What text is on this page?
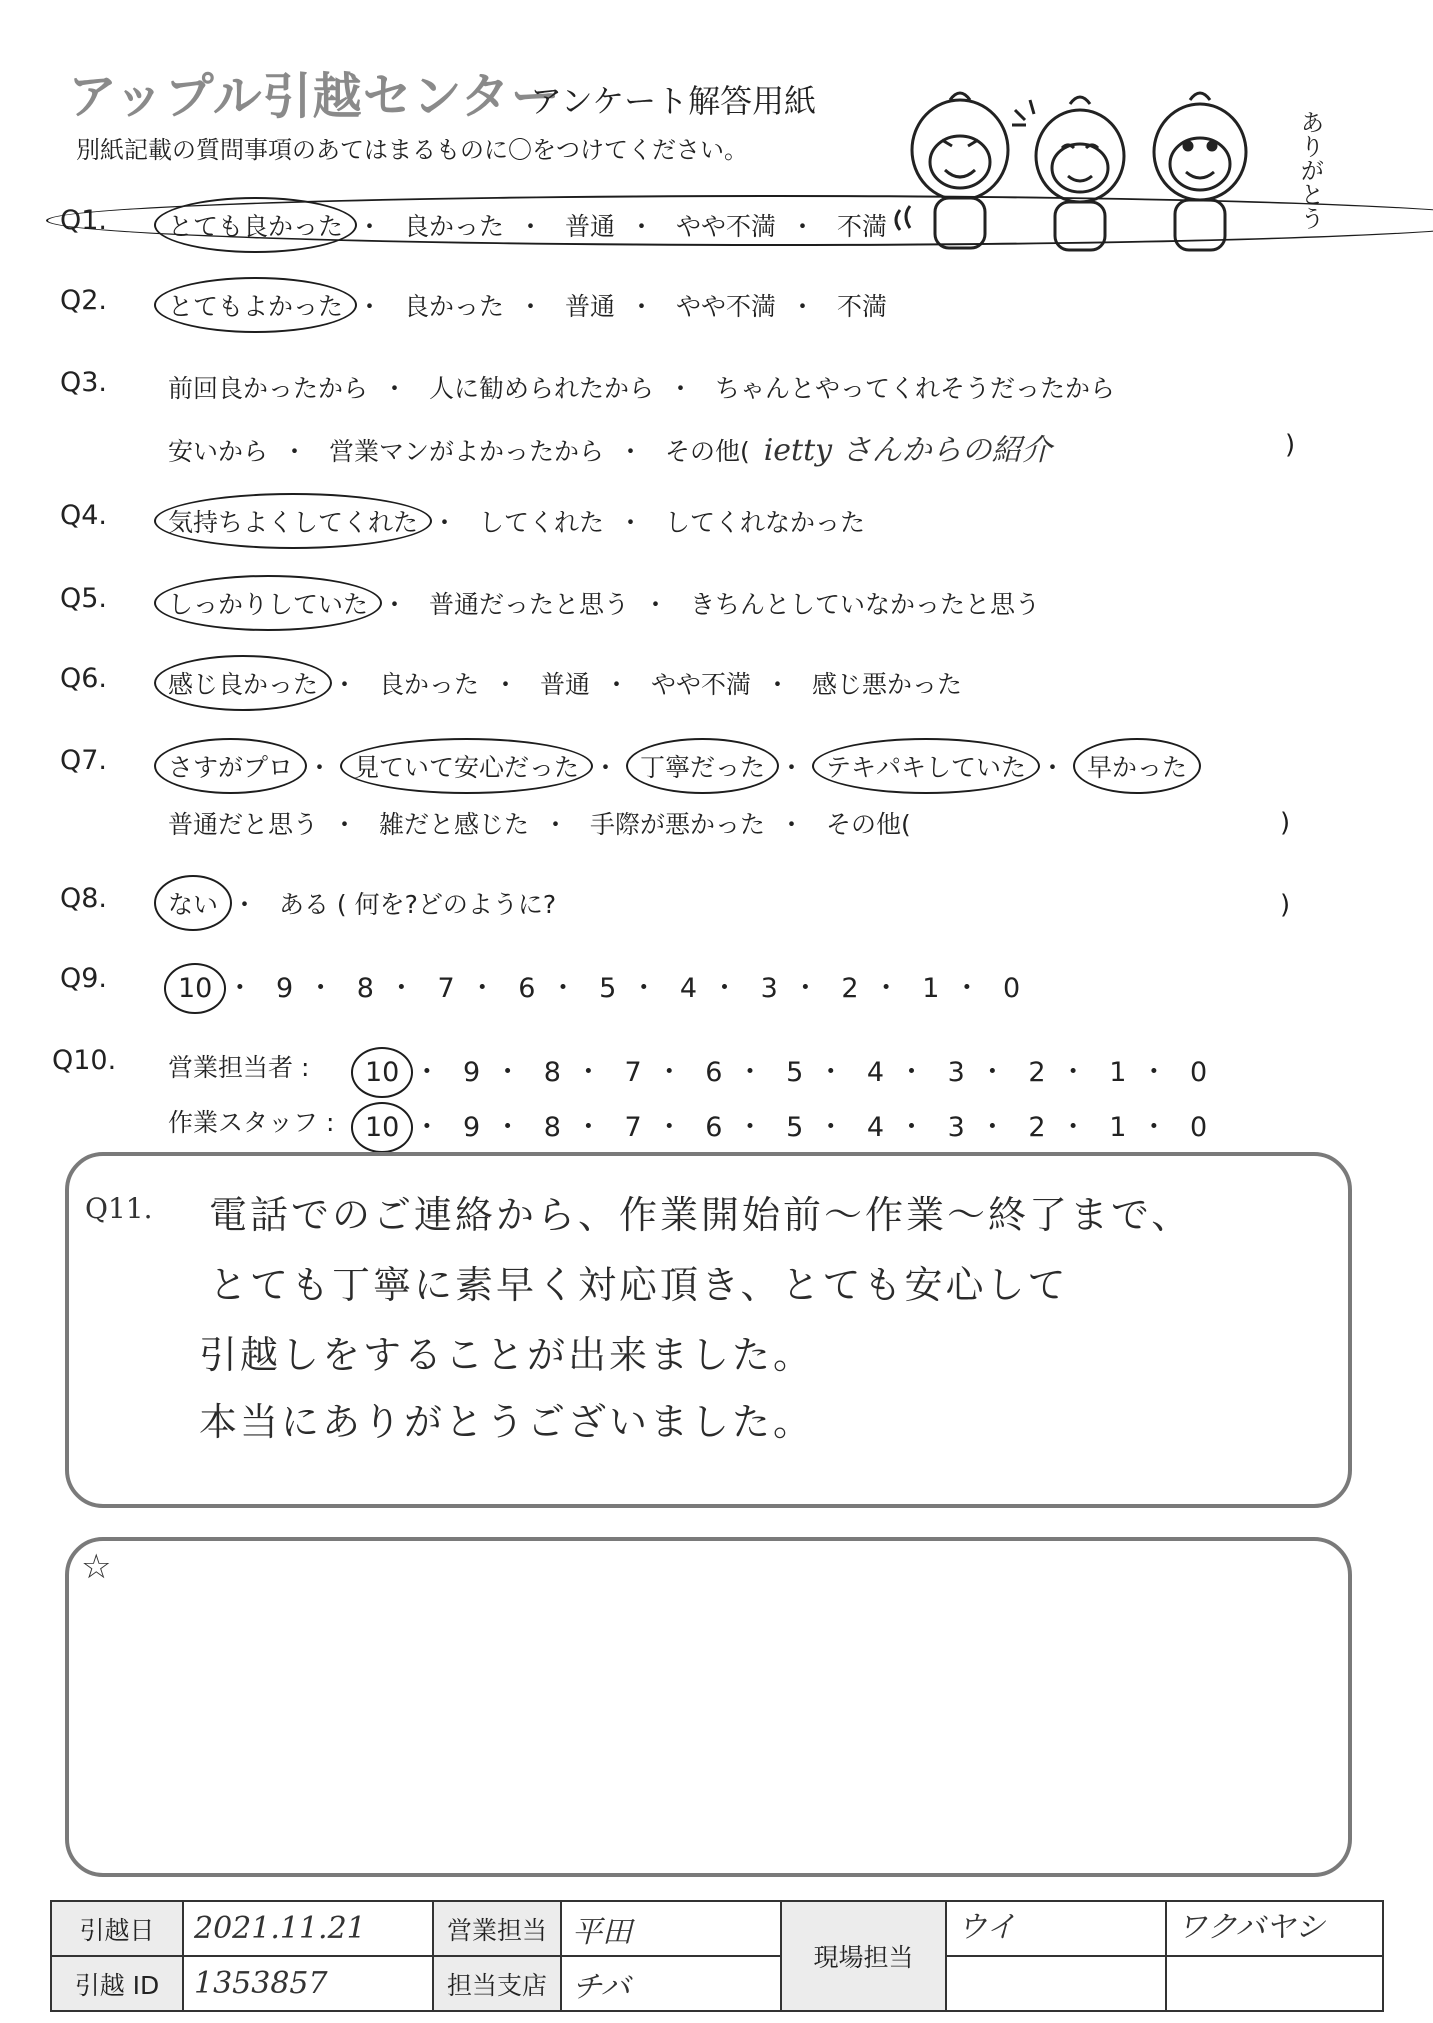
アップル引越センター
アンケート解答用紙
別紙記載の質問事項のあてはまるものに〇をつけてください。	ありがとう
Q1.	とても良かった ・ 良かった ・ 普通 ・ やや不満 ・ 不満
Q2. とてもよかった ・ 良かった ・ 普通 ・ やや不満 ・ 不満
Q3. 前回良かったから ・ 人に勧められたから ・ ちゃんとやってくれそうだったから
安いから ・ 営業マンがよかったから ・ その他( ietty さんからの紹介	)
Q4. 気持ちよくしてくれた ・ してくれた ・ してくれなかった
Q5. しっかりしていた ・ 普通だったと思う ・ きちんとしていなかったと思う
Q6. 感じ良かった ・ 良かった ・ 普通 ・ やや不満 ・ 感じ悪かった
Q7. さすがプロ ・ 見ていて安心だった ・ 丁寧だった ・ テキパキしていた ・ 早かった
普通だと思う ・ 雑だと感じた ・ 手際が悪かった ・ その他(	)
Q8. ない ・ ある ( 何を?どのように?	)
Q9.	10 ・ 9 ・ 8 ・ 7 ・ 6 ・ 5 ・ 4 ・ 3 ・ 2 ・ 1 ・ 0
Q10. 営業担当者 : 10 ・ 9 ・ 8 ・ 7 ・ 6 ・ 5 ・ 4 ・ 3 ・ 2 ・ 1 ・ 0
作業スタッフ : 10 ・ 9 ・ 8 ・ 7 ・ 6 ・ 5 ・ 4 ・ 3 ・ 2 ・ 1 ・ 0
Q11. 電話でのご連絡から、作業開始前〜作業〜終了まで、
とても丁寧に素早く対応頂き、とても安心して
引越しをすることが出来ました。
本当にありがとうございました。
☆
引越日	2021.11.21	営業担当	平田	現場担当	ウイ	ワクバヤシ
引越 ID	1353857	担当支店	チバ			
